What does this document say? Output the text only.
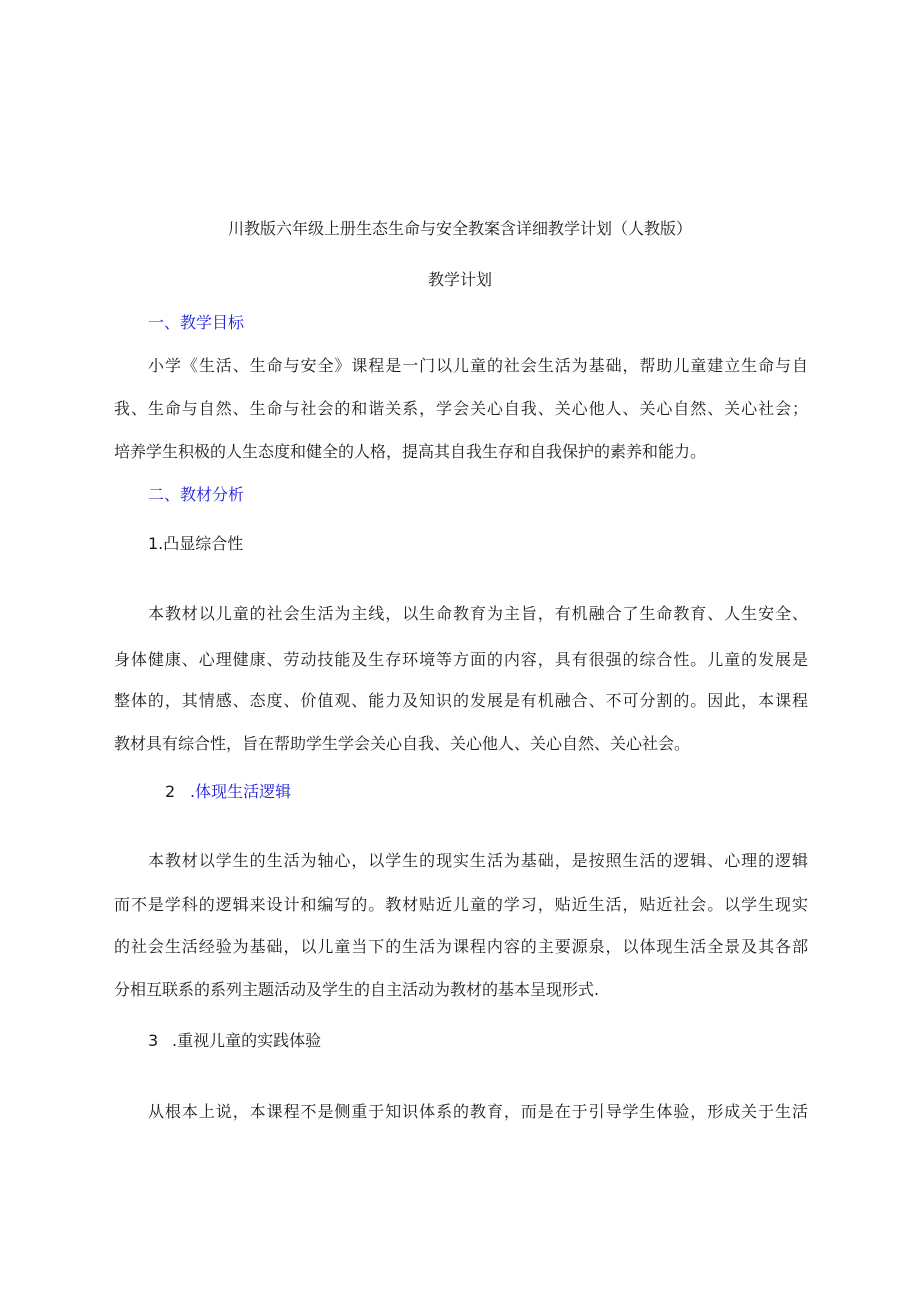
川教版六年级上册生态生命与安全教案含详细教学计划（人教版）
教学计划
一、教学目标
小学《生活、生命与安全》课程是一门以儿童的社会生活为基础，帮助儿童建立生命与自
我、生命与自然、生命与社会的和谐关系，学会关心自我、关心他人、关心自然、关心社会；
培养学生积极的人生态度和健全的人格，提高其自我生存和自我保护的素养和能力。
二、教材分析
1.凸显综合性
本教材以儿童的社会生活为主线，以生命教育为主旨，有机融合了生命教育、人生安全、
身体健康、心理健康、劳动技能及生存环境等方面的内容，具有很强的综合性。儿童的发展是
整体的，其情感、态度、价值观、能力及知识的发展是有机融合、不可分割的。因此，本课程
教材具有综合性，旨在帮助学生学会关心自我、关心他人、关心自然、关心社会。
2 .体现生活逻辑
本教材以学生的生活为轴心，以学生的现实生活为基础，是按照生活的逻辑、心理的逻辑
而不是学科的逻辑来设计和编写的。教材贴近儿童的学习，贴近生活，贴近社会。以学生现实
的社会生活经验为基础，以儿童当下的生活为课程内容的主要源泉，以体现生活全景及其各部
分相互联系的系列主题活动及学生的自主活动为教材的基本呈现形式.
3 .重视儿童的实践体验
从根本上说，本课程不是侧重于知识体系的教育，而是在于引导学生体验，形成关于生活
